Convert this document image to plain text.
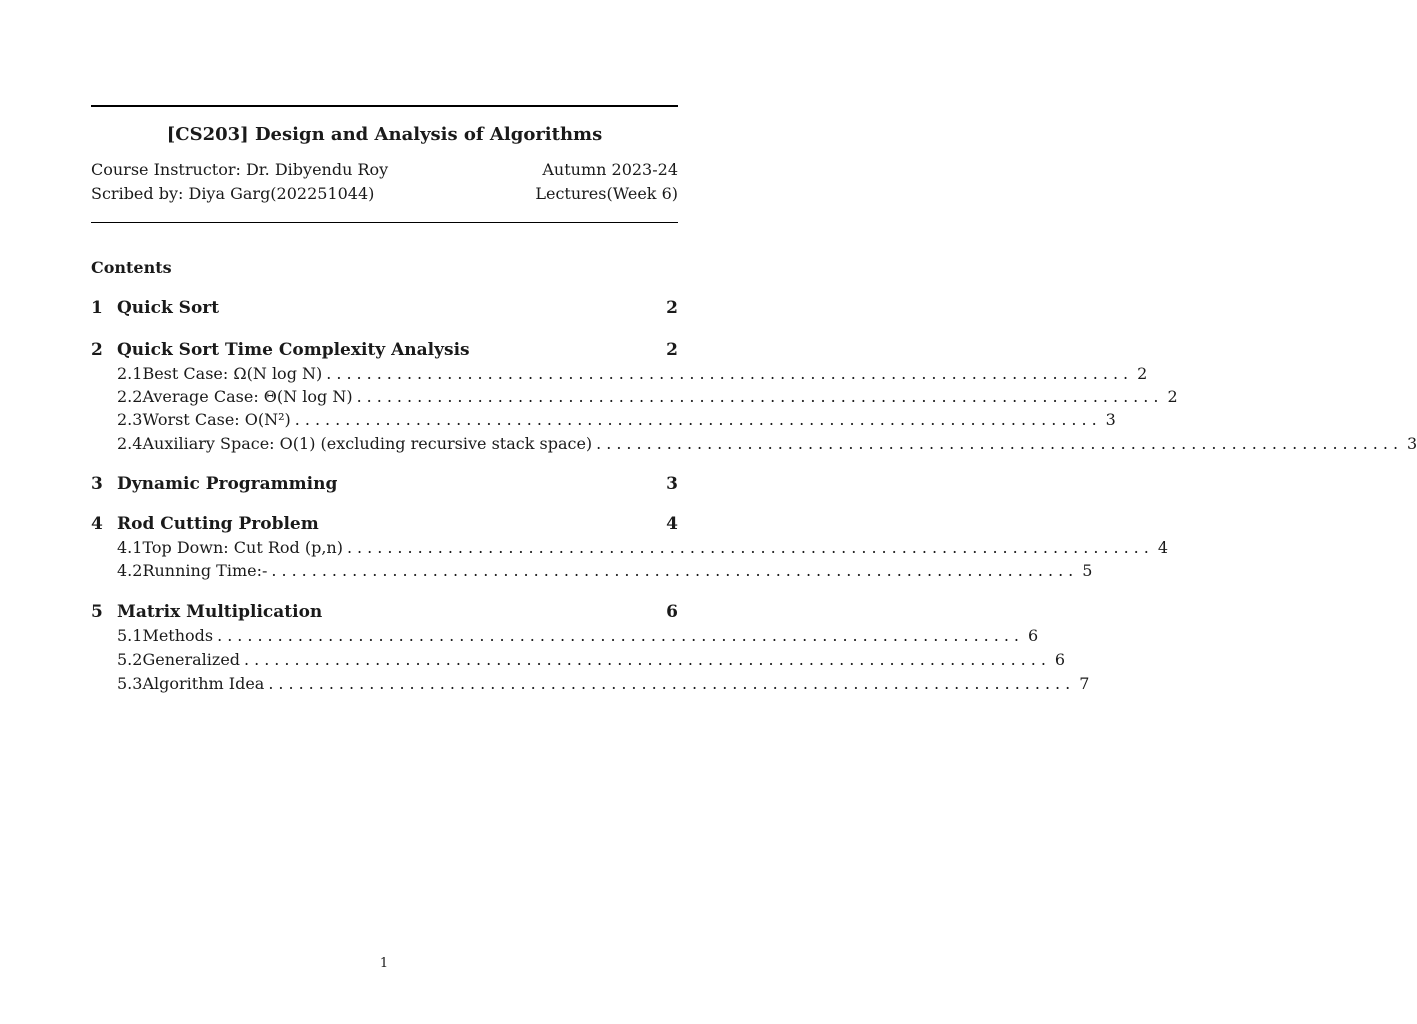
[CS203] Design and Analysis of Algorithms
Course Instructor: Dr. Dibyendu Roy	Autumn 2023-24
Scribed by: Diya Garg(202251044)	Lectures(Week 6)
Contents
1 Quick Sort	2
2 Quick Sort Time Complexity Analysis	2
2.1 Best Case: Ω(N log N) ................................................................................ 2
2.2 Average Case: Θ(N log N) ................................................................................ 2
2.3 Worst Case: O(N²) ................................................................................ 3
2.4 Auxiliary Space: O(1) (excluding recursive stack space) ................................................................................ 3
3 Dynamic Programming	3
4 Rod Cutting Problem	4
4.1 Top Down: Cut Rod (p,n) ................................................................................ 4
4.2 Running Time:- ................................................................................ 5
5 Matrix Multiplication	6
5.1 Methods ................................................................................ 6
5.2 Generalized ................................................................................ 6
5.3 Algorithm Idea ................................................................................ 7
1
